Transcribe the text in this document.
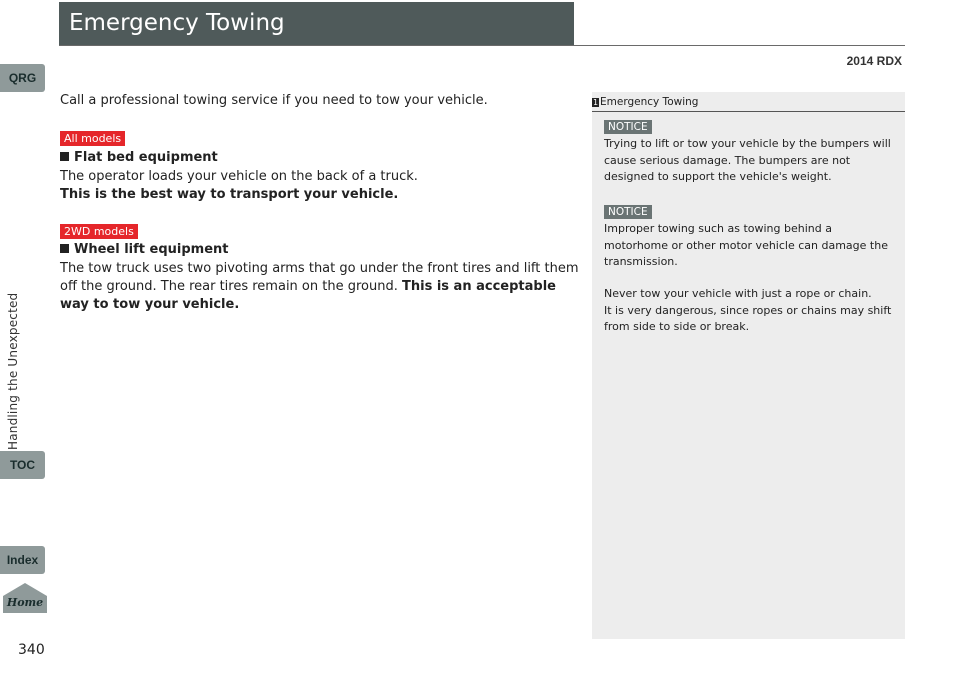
Emergency Towing
2014 RDX
QRG
Handling the Unexpected
TOC
Index
Home
340
Call a professional towing service if you need to tow your vehicle.
All models
Flat bed equipment
The operator loads your vehicle on the back of a truck.
This is the best way to transport your vehicle.
2WD models
Wheel lift equipment
The tow truck uses two pivoting arms that go under the front tires and lift them off the ground. The rear tires remain on the ground. This is an acceptable way to tow your vehicle.
1 Emergency Towing
NOTICE
Trying to lift or tow your vehicle by the bumpers will cause serious damage. The bumpers are not designed to support the vehicle's weight.
NOTICE
Improper towing such as towing behind a motorhome or other motor vehicle can damage the transmission.
Never tow your vehicle with just a rope or chain.
It is very dangerous, since ropes or chains may shift from side to side or break.
